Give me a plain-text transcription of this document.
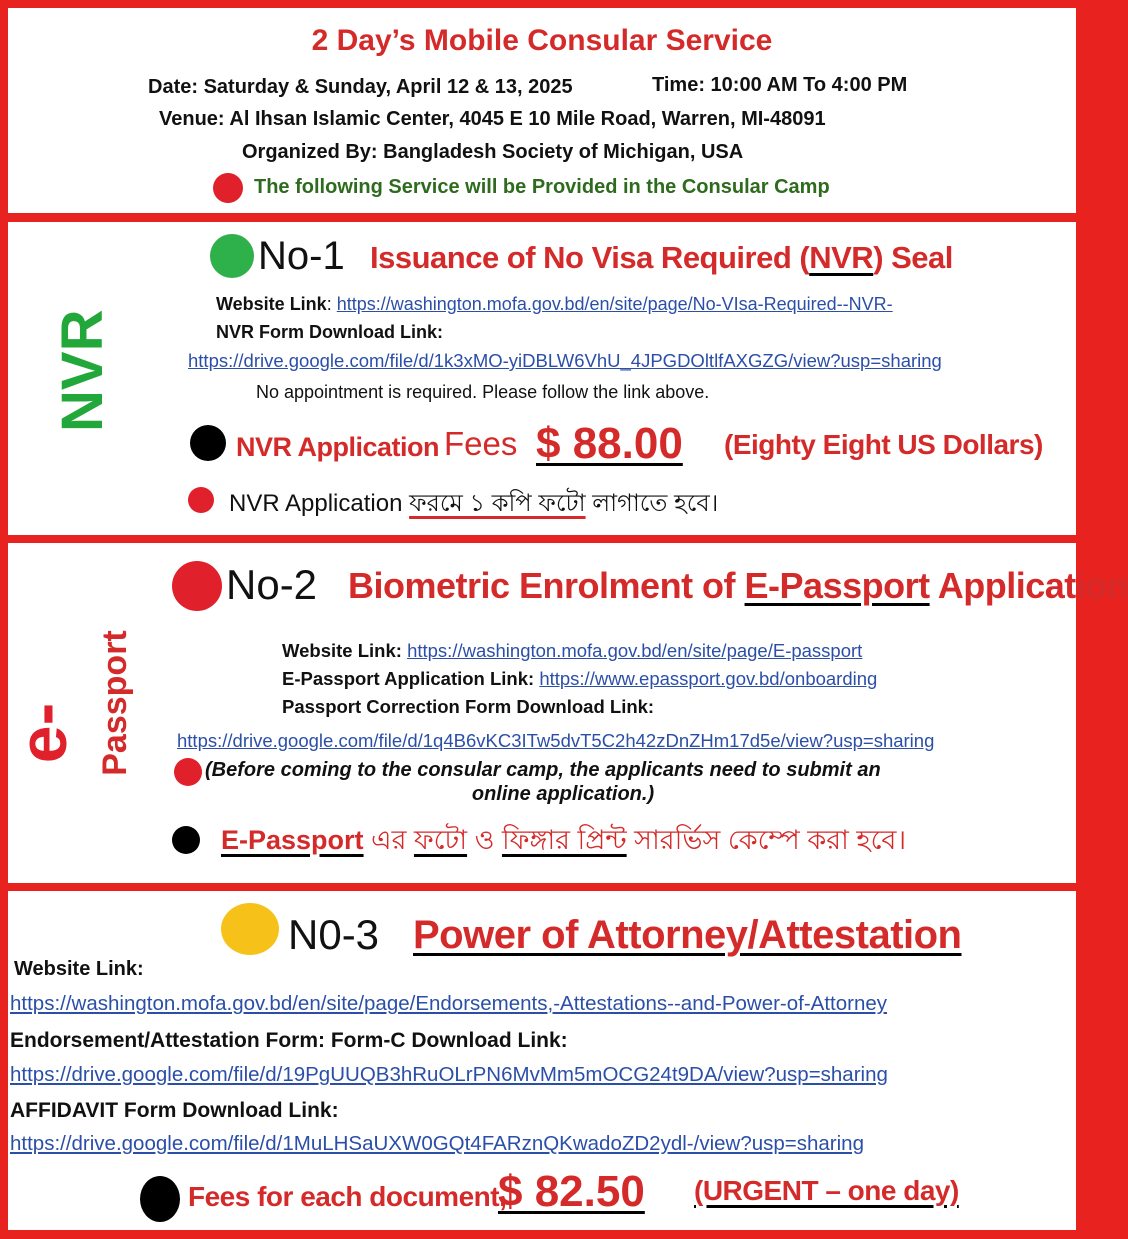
2 Day’s Mobile Consular Service
Date: Saturday & Sunday, April 12 & 13, 2025	Time: 10:00 AM To 4:00 PM
Venue: Al Ihsan Islamic Center, 4045 E 10 Mile Road, Warren, MI-48091
Organized By: Bangladesh Society of Michigan, USA
The following Service will be Provided in the Consular Camp
NVR
No-1 Issuance of No Visa Required (NVR) Seal
Website Link: https://washington.mofa.gov.bd/en/site/page/No-VIsa-Required--NVR-
NVR Form Download Link:
https://drive.google.com/file/d/1k3xMO-yiDBLW6VhU_4JPGDOltlfAXGZG/view?usp=sharing
No appointment is required. Please follow the link above.
NVR Application Fees $ 88.00 (Eighty Eight US Dollars)
NVR Application ফরমে ১ কপি ফটো লাগাতে হবে।
e- Passport
No-2 Biometric Enrolment of E-Passport Application
Website Link: https://washington.mofa.gov.bd/en/site/page/E-passport
E-Passport Application Link: https://www.epassport.gov.bd/onboarding
Passport Correction Form Download Link:
https://drive.google.com/file/d/1q4B6vKC3ITw5dvT5C2h42zDnZHm17d5e/view?usp=sharing
(Before coming to the consular camp, the applicants need to submit an
online application.)
E-Passport এর ফটো ও ফিঙ্গার প্রিন্ট সারর্ভিস কেম্পে করা হবে।
N0-3 Power of Attorney/Attestation
Website Link:
https://washington.mofa.gov.bd/en/site/page/Endorsements,-Attestations--and-Power-of-Attorney
Endorsement/Attestation Form: Form-C Download Link:
https://drive.google.com/file/d/19PgUUQB3hRuOLrPN6MvMm5mOCG24t9DA/view?usp=sharing
AFFIDAVIT Form Download Link:
https://drive.google.com/file/d/1MuLHSaUXW0GQt4FARznQKwadoZD2ydl-/view?usp=sharing
Fees for each document,
$ 82.50 (URGENT – one day)
